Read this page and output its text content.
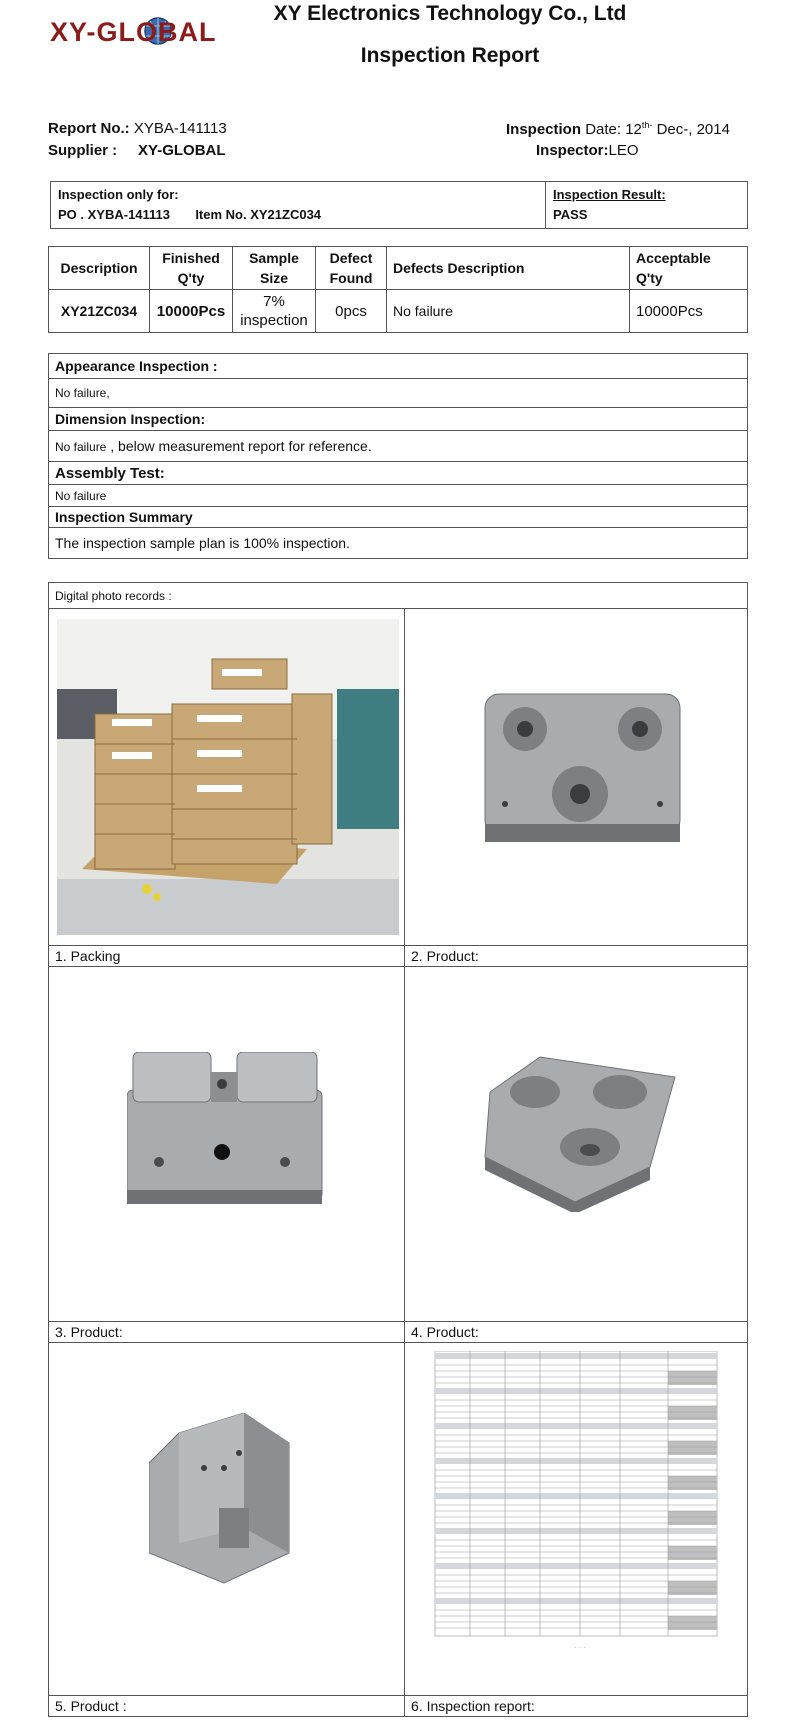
XY-GLOBAL
XY Electronics Technology Co., Ltd
Inspection Report
Report No.: XYBA-141113
Supplier : XY-GLOBAL
Inspection Date: $12^{th-}$ Dec-, 2014
Inspector:LEO
Inspection only for:
PO . XYBA-141113 Item No. XY21ZC034

Inspection Result:
PASS
Description	Finished Q'ty	Sample Size	Defect Found	Defects Description	Acceptable Q'ty
XY21ZC034	10000Pcs	7% inspection	0pcs	No failure	10000Pcs
Appearance Inspection :
No failure,
Dimension Inspection:
No failure , below measurement report for reference.
Assembly Test:
No failure
Inspection Summary
The inspection sample plan is 100% inspection.
Digital photo records :	

1. Packing	2. Product:

3. Product:	4. Product:

· ·· ·

5. Product :	6. Inspection report:
